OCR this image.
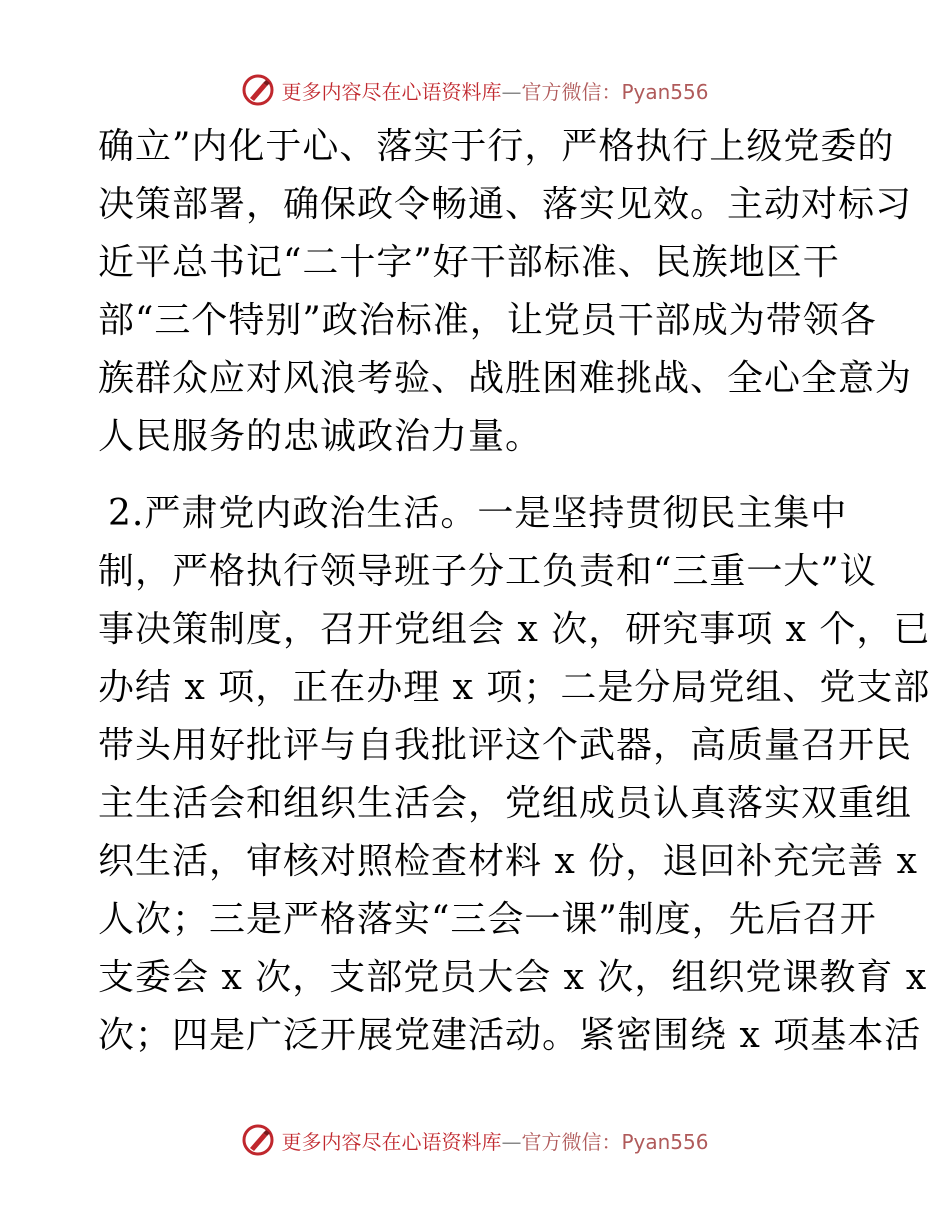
更多内容尽在心语资料库—官方微信：Pyan556
确立”内化于心、落实于行，严格执行上级党委的
决策部署，确保政令畅通、落实见效。主动对标习
近平总书记“二十字”好干部标准、民族地区干
部“三个特别”政治标准，让党员干部成为带领各
族群众应对风浪考验、战胜困难挑战、全心全意为
人民服务的忠诚政治力量。
2.严肃党内政治生活。一是坚持贯彻民主集中
制，严格执行领导班子分工负责和“三重一大”议
事决策制度，召开党组会 x 次，研究事项 x 个，已
办结 x 项，正在办理 x 项；二是分局党组、党支部
带头用好批评与自我批评这个武器，高质量召开民
主生活会和组织生活会，党组成员认真落实双重组
织生活，审核对照检查材料 x 份，退回补充完善 x
人次；三是严格落实“三会一课”制度，先后召开
支委会 x 次，支部党员大会 x 次，组织党课教育 x
次；四是广泛开展党建活动。紧密围绕 x 项基本活
更多内容尽在心语资料库—官方微信：Pyan556
